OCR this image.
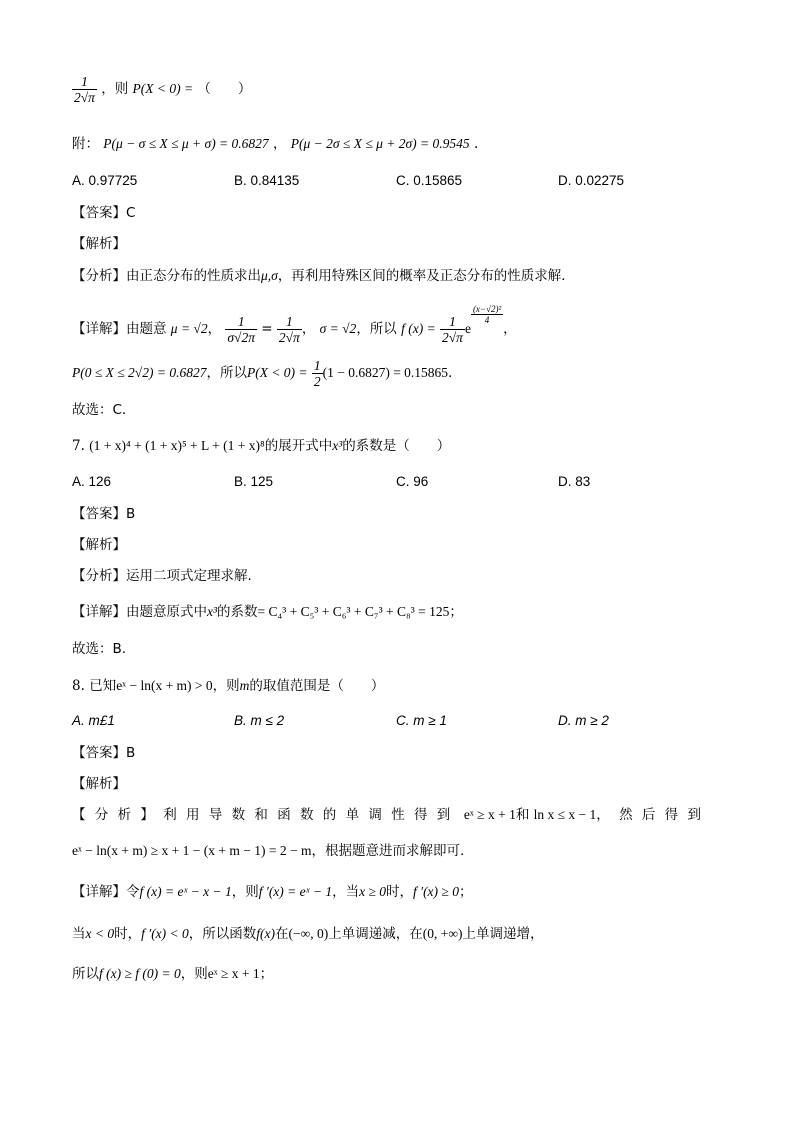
$\frac{1}{2√\pi}$ ，则 P(X < 0) = （　　）
附： P(μ − σ ≤ X ≤ μ + σ) = 0.6827 ， P(μ − 2σ ≤ X ≤ μ + 2σ) = 0.9545 .
A. 0.97725	B. 0.84135	C. 0.15865	D. 0.02275
【答案】C
【解析】
【分析】由正态分布的性质求出μ,σ，再利用特殊区间的概率及正态分布的性质求解．
【详解】由题意 μ = √2， $\frac{1}{\sigma√2\pi} = \frac{1}{2√\pi}$ ， σ = √2，所以 f $(x) = \frac{1}{2√\pi}$ e
$\frac{\text{(x−√2)²}}{4}$
，
P(0 ≤ X ≤ 2√2) = 0.6827，所以$P(X < 0) = \frac{1}{2} (1 - 0.6827) = 0.15865$．
故选：C．
7. (1 + x)⁴ + (1 + x)⁵ + L + (1 + x)⁸的展开式中x³的系数是（　　）
A. 126	B. 125	C. 96	D. 83
【答案】B
【解析】
【分析】运用二项式定理求解.
【详解】由题意原式中x³的系数= C₄³ + C₅³ + C₆³ + C₇³ + C₈³ = 125；
故选：B.
8. 已知eˣ − ln(x + m) > 0，则m的取值范围是（　　）
A. m£1	B. m ≤ 2	C. m ≥ 1	D. m ≥ 2
【答案】B
【解析】
【分析】利用导数和函数的单调性得到 eˣ ≥ x + 1和 ln x ≤ x − 1，然后得到
eˣ − ln(x + m) ≥ x + 1 − (x + m − 1) = 2 − m，根据题意进而求解即可.
【详解】令f (x) = eˣ − x − 1，则f ′(x) = eˣ − 1，当x ≥ 0时，f ′(x) ≥ 0；
当x < 0时，f ′(x) < 0，所以函数f(x)在(−∞, 0)上单调递减，在(0, +∞)上单调递增，
所以f (x) ≥ f (0) = 0，则eˣ ≥ x + 1；
